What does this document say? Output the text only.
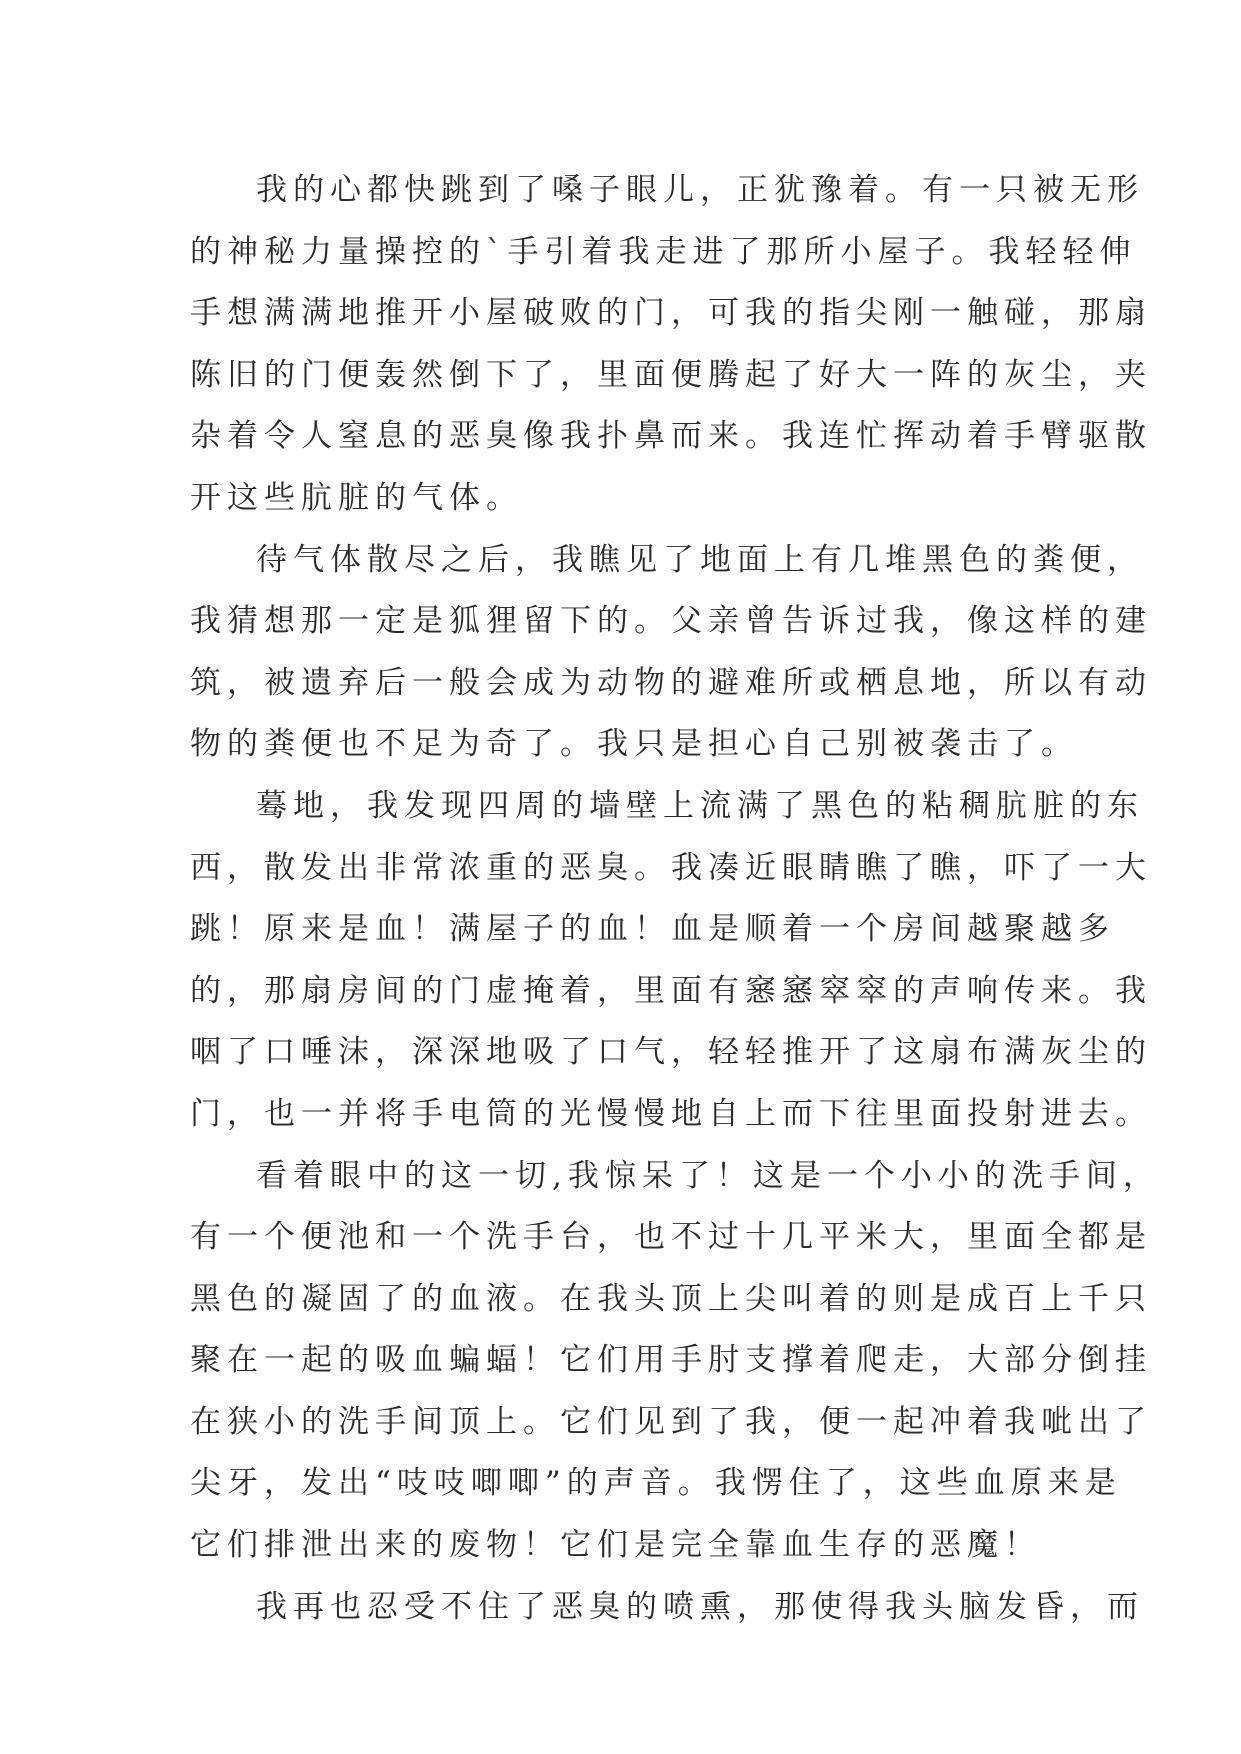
我的心都快跳到了嗓子眼儿，正犹豫着。有一只被无形
的神秘力量操控的`手引着我走进了那所小屋子。我轻轻伸
手想满满地推开小屋破败的门，可我的指尖刚一触碰，那扇
陈旧的门便轰然倒下了，里面便腾起了好大一阵的灰尘，夹
杂着令人窒息的恶臭像我扑鼻而来。我连忙挥动着手臂驱散
开这些肮脏的气体。
待气体散尽之后，我瞧见了地面上有几堆黑色的粪便，
我猜想那一定是狐狸留下的。父亲曾告诉过我，像这样的建
筑，被遗弃后一般会成为动物的避难所或栖息地，所以有动
物的粪便也不足为奇了。我只是担心自己别被袭击了。
蓦地，我发现四周的墙壁上流满了黑色的粘稠肮脏的东
西，散发出非常浓重的恶臭。我凑近眼睛瞧了瞧，吓了一大
跳！原来是血！满屋子的血！血是顺着一个房间越聚越多
的，那扇房间的门虚掩着，里面有窸窸窣窣的声响传来。我
咽了口唾沫，深深地吸了口气，轻轻推开了这扇布满灰尘的
门，也一并将手电筒的光慢慢地自上而下往里面投射进去。
看着眼中的这一切,我惊呆了！这是一个小小的洗手间，
有一个便池和一个洗手台，也不过十几平米大，里面全都是
黑色的凝固了的血液。在我头顶上尖叫着的则是成百上千只
聚在一起的吸血蝙蝠！它们用手肘支撑着爬走，大部分倒挂
在狭小的洗手间顶上。它们见到了我，便一起冲着我呲出了
尖牙，发出“吱吱唧唧”的声音。我愣住了，这些血原来是
它们排泄出来的废物！它们是完全靠血生存的恶魔！
我再也忍受不住了恶臭的喷熏，那使得我头脑发昏，而
